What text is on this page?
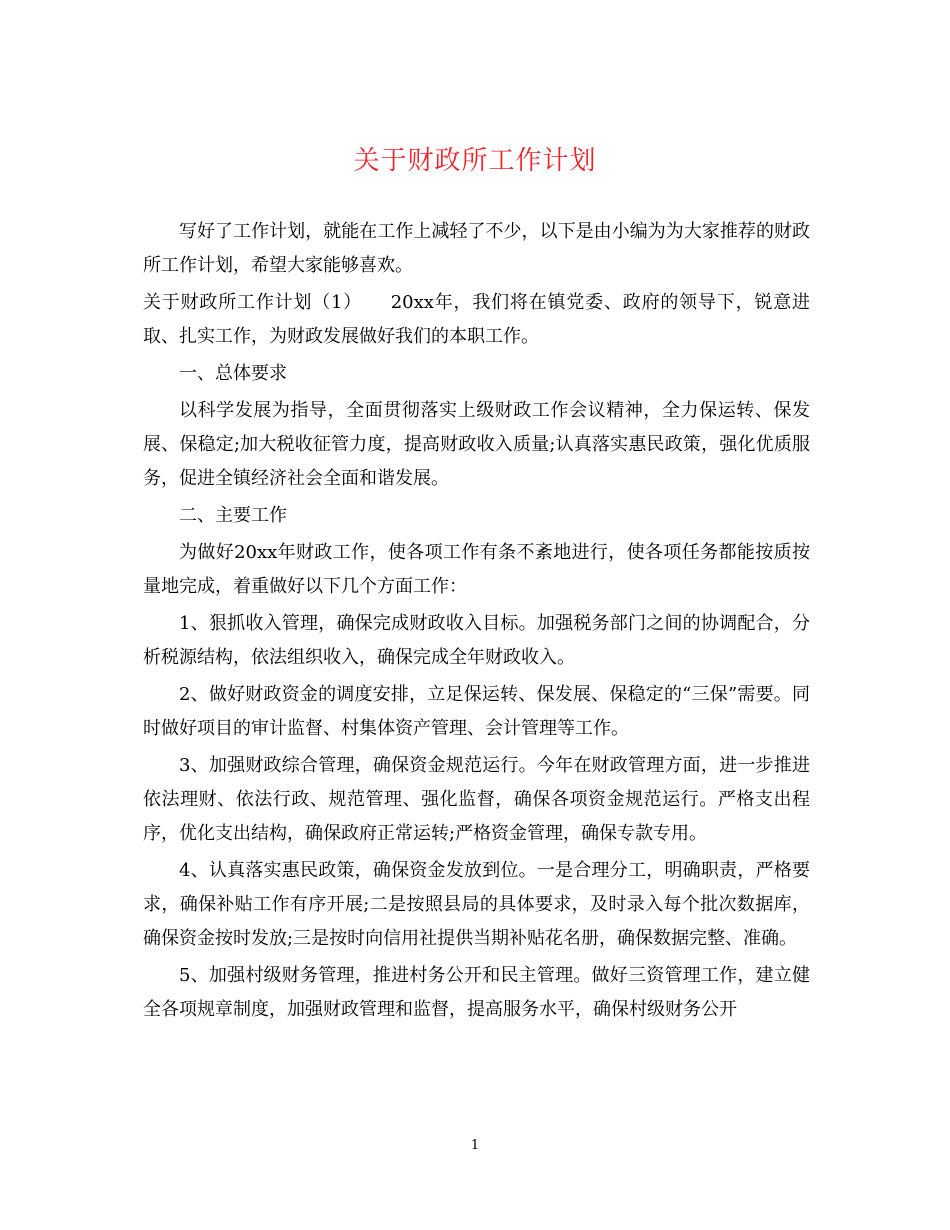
关于财政所工作计划

写好了工作计划，就能在工作上减轻了不少，以下是由小编为为大家推荐的财政所工作计划，希望大家能够喜欢。

关于财政所工作计划（1）　　20xx年，我们将在镇党委、政府的领导下，锐意进取、扎实工作，为财政发展做好我们的本职工作。

一、总体要求

以科学发展为指导，全面贯彻落实上级财政工作会议精神，全力保运转、保发展、保稳定;加大税收征管力度，提高财政收入质量;认真落实惠民政策，强化优质服务，促进全镇经济社会全面和谐发展。

二、主要工作

为做好20xx年财政工作，使各项工作有条不紊地进行，使各项任务都能按质按量地完成，着重做好以下几个方面工作：

1、狠抓收入管理，确保完成财政收入目标。加强税务部门之间的协调配合，分析税源结构，依法组织收入，确保完成全年财政收入。

2、做好财政资金的调度安排，立足保运转、保发展、保稳定的“三保”需要。同时做好项目的审计监督、村集体资产管理、会计管理等工作。

3、加强财政综合管理，确保资金规范运行。今年在财政管理方面，进一步推进依法理财、依法行政、规范管理、强化监督，确保各项资金规范运行。严格支出程序，优化支出结构，确保政府正常运转;严格资金管理，确保专款专用。

4、认真落实惠民政策，确保资金发放到位。一是合理分工，明确职责，严格要求，确保补贴工作有序开展;二是按照县局的具体要求，及时录入每个批次数据库，确保资金按时发放;三是按时向信用社提供当期补贴花名册，确保数据完整、准确。

5、加强村级财务管理，推进村务公开和民主管理。做好三资管理工作，建立健全各项规章制度，加强财政管理和监督，提高服务水平，确保村级财务公开

1
